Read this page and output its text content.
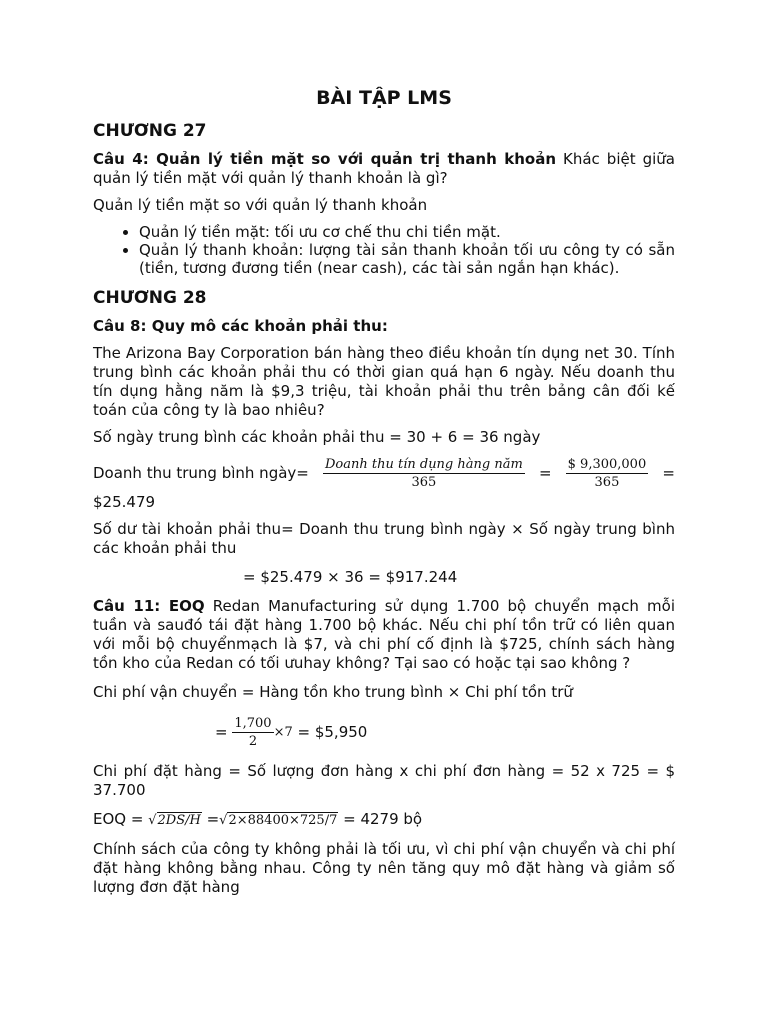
BÀI TẬP LMS
CHƯƠNG 27

Câu 4: Quản lý tiền mặt so với quản trị thanh khoản Khác biệt giữa quản lý tiền mặt với quản lý thanh khoản là gì?

Quản lý tiền mặt so với quản lý thanh khoản

• Quản lý tiền mặt: tối ưu cơ chế thu chi tiền mặt.
• Quản lý thanh khoản: lượng tài sản thanh khoản tối ưu công ty có sẵn (tiền, tương đương tiền (near cash), các tài sản ngắn hạn khác).
CHƯƠNG 28

Câu 8: Quy mô các khoản phải thu:

The Arizona Bay Corporation bán hàng theo điều khoản tín dụng net 30. Tính trung bình các khoản phải thu có thời gian quá hạn 6 ngày. Nếu doanh thu tín dụng hằng năm là $9,3 triệu, tài khoản phải thu trên bảng cân đối kế toán của công ty là bao nhiêu?

Số ngày trung bình các khoản phải thu = 30 + 6 = 36 ngày

Doanh thu trung bình ngày= $\frac{\text{Doanh thu tín dụng hàng năm}}{365} = \frac{\$ 9,300,000}{365}$ =

$25.479

Số dư tài khoản phải thu= Doanh thu trung bình ngày × Số ngày trung bình các khoản phải thu

= $25.479 × 36 = $917.244

Câu 11: EOQ Redan Manufacturing sử dụng 1.700 bộ chuyển mạch mỗi tuần và sauđó tái đặt hàng 1.700 bộ khác. Nếu chi phí tồn trữ có liên quan với mỗi bộ chuyểnmạch là $7, và chi phí cố định là $725, chính sách hàng tồn kho của Redan có tối ưuhay không? Tại sao có hoặc tại sao không ?

Chi phí vận chuyển = Hàng tồn kho trung bình × Chi phí tồn trữ

= $\frac{1,700}{2} \times 7$ = $5,950

Chi phí đặt hàng = Số lượng đơn hàng x chi phí đơn hàng = 52 x 725 = $ 37.700

EOQ = √2DS/H =√2×88400×725/7 = 4279 bộ

Chính sách của công ty không phải là tối ưu, vì chi phí vận chuyển và chi phí đặt hàng không bằng nhau. Công ty nên tăng quy mô đặt hàng và giảm số lượng đơn đặt hàng
